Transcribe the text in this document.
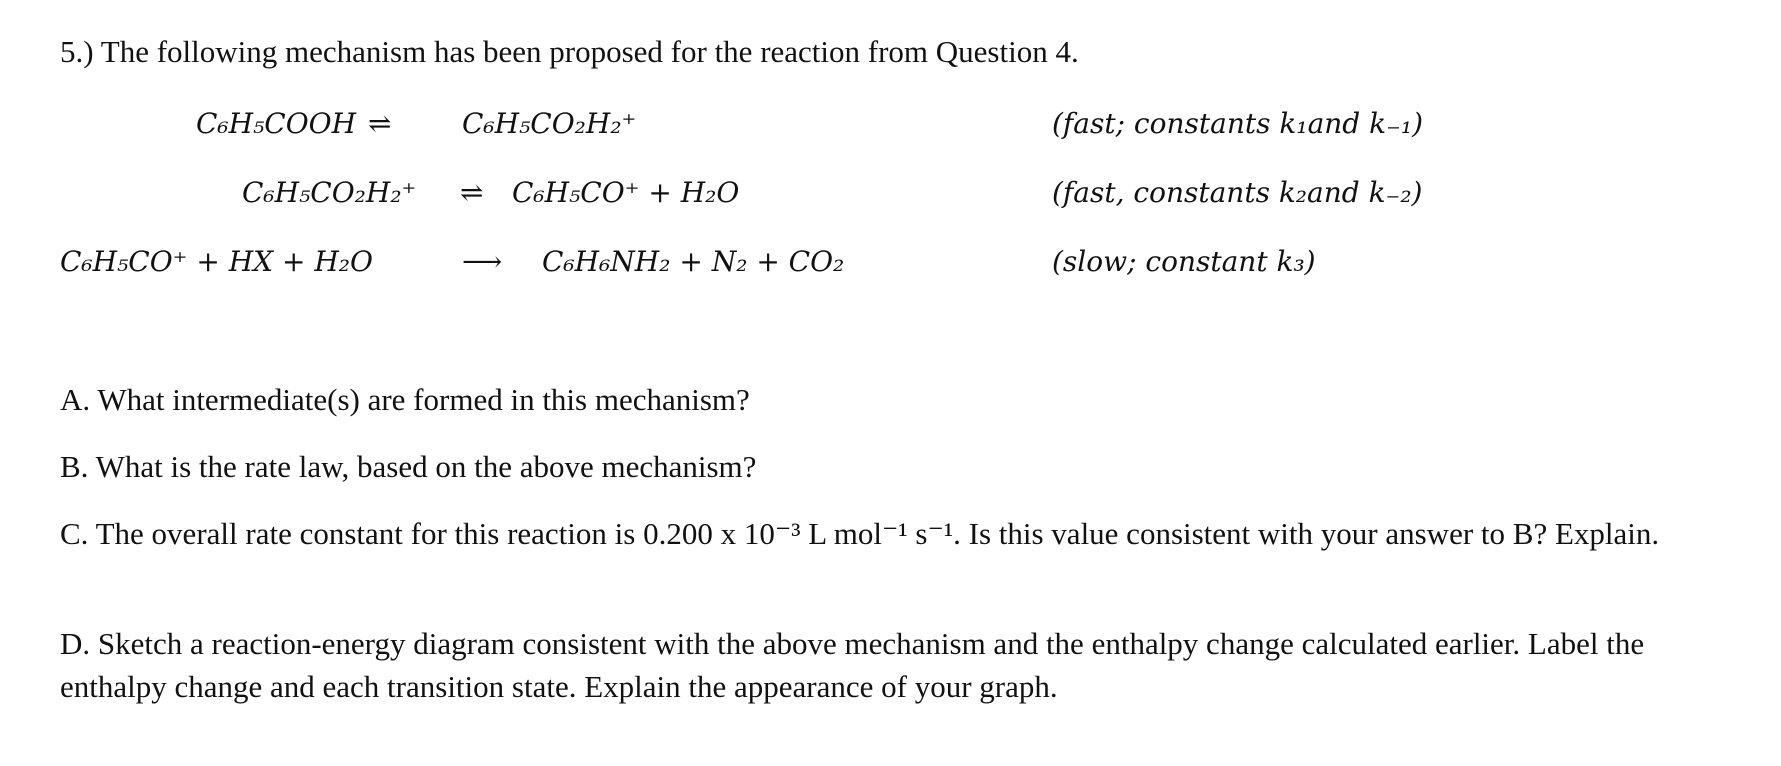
5.) The following mechanism has been proposed for the reaction from Question 4.
C₆H₅COOH ⇌	C₆H₅CO₂H₂⁺	(fast; constants k₁and k₋₁)
C₆H₅CO₂H₂⁺ ⇌ C₆H₅CO⁺ + H₂O	(fast, constants k₂and k₋₂)
C₆H₅CO⁺ + HX + H₂O	⟶ C₆H₆NH₂ + N₂ + CO₂	(slow; constant k₃)
A. What intermediate(s) are formed in this mechanism?
B. What is the rate law, based on the above mechanism?
C. The overall rate constant for this reaction is 0.200 x 10⁻³ L mol⁻¹ s⁻¹. Is this value consistent with your answer to B? Explain.
D. Sketch a reaction-energy diagram consistent with the above mechanism and the enthalpy change calculated earlier. Label the enthalpy change and each transition state. Explain the appearance of your graph.
